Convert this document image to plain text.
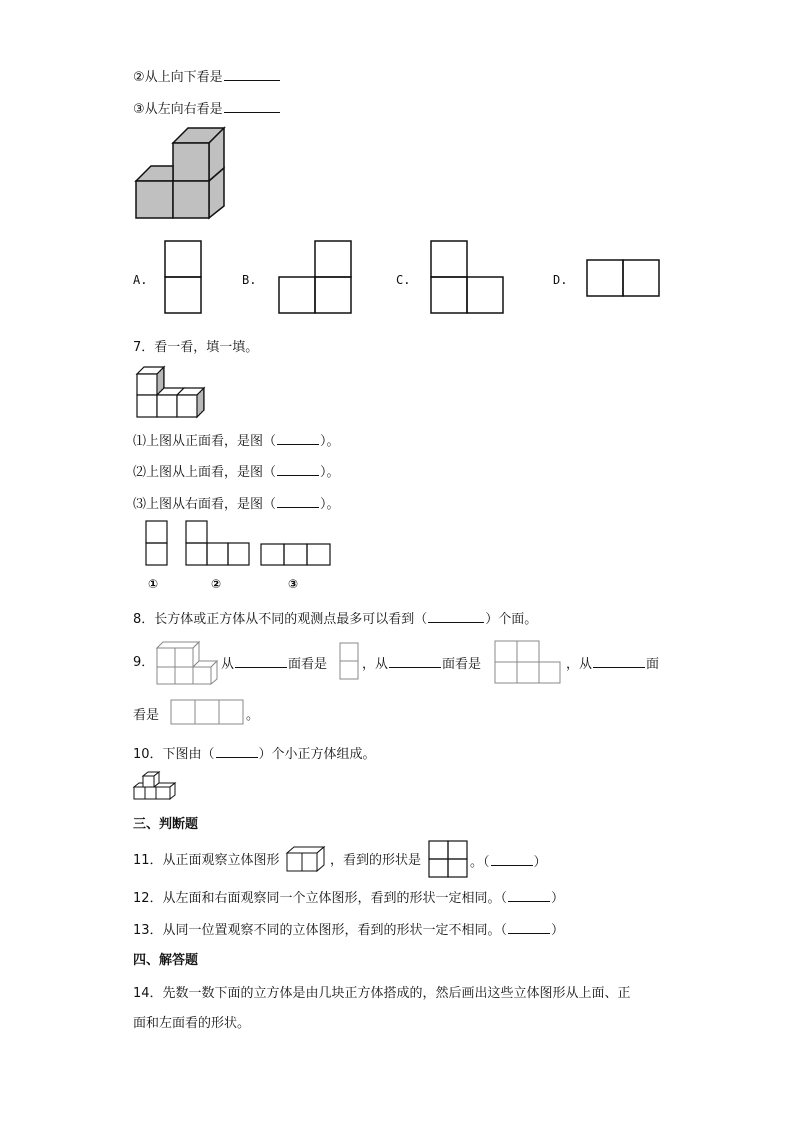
②从上向下看是
③从左向右看是
A.	B.	C.	D.
7．看一看，填一填。
⑴上图从正面看，是图（	）。
⑵上图从上面看，是图（	）。
⑶上图从右面看，是图（	）。
①	②	③
8．长方体或正方体从不同的观测点最多可以看到（	）个面。
9．	从	面看是	，从	面看是	，从	面
看是	。
10．下图由（	）个小正方体组成。
三、判断题
11．从正面观察立体图形	，看到的形状是	。（	）
12．从左面和右面观察同一个立体图形，看到的形状一定相同。（	）
13．从同一位置观察不同的立体图形，看到的形状一定不相同。（	）
四、解答题
14．先数一数下面的立方体是由几块正方体搭成的，然后画出这些立体图形从上面、正
面和左面看的形状。
